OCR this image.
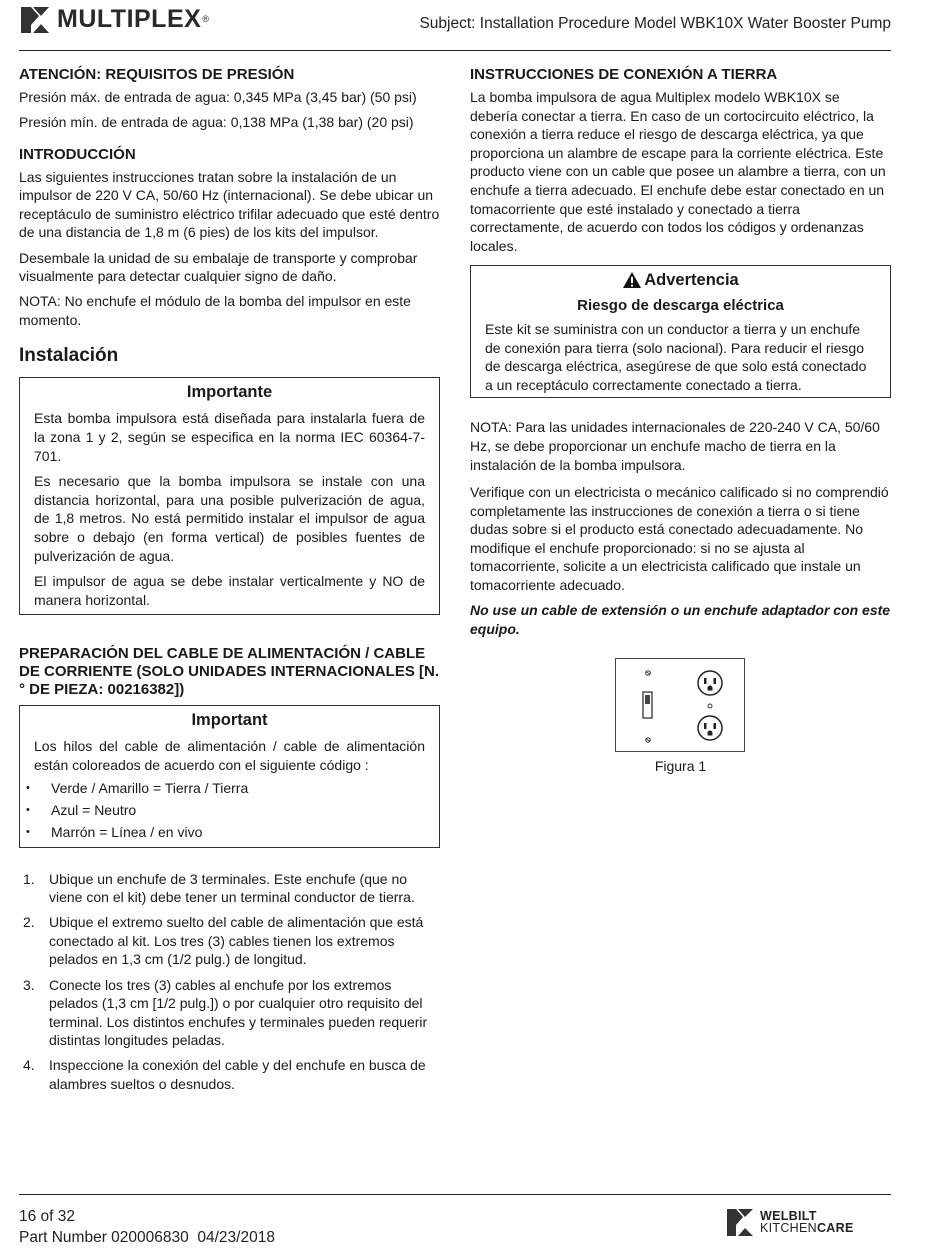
MULTIPLEX ®	Subject: Installation Procedure Model WBK10X Water Booster Pump
ATENCIÓN: REQUISITOS DE PRESIÓN

Presión máx. de entrada de agua: 0,345 MPa (3,45 bar) (50 psi)

Presión mín. de entrada de agua: 0,138 MPa (1,38 bar) (20 psi)

INTRODUCCIÓN

Las siguientes instrucciones tratan sobre la instalación de un impulsor de 220 V CA, 50/60 Hz (internacional). Se debe ubicar un receptáculo de suministro eléctrico trifilar adecuado que esté dentro de una distancia de 1,8 m (6 pies) de los kits del impulsor.

Desembale la unidad de su embalaje de transporte y comprobar visualmente para detectar cualquier signo de daño.

NOTA: No enchufe el módulo de la bomba del impulsor en este momento.

Instalación
Importante

Esta bomba impulsora está diseñada para instalarla fuera de la zona 1 y 2, según se especifica en la norma IEC 60364-7-701.

Es necesario que la bomba impulsora se instale con una distancia horizontal, para una posible pulverización de agua, de 1,8 metros. No está permitido instalar el impulsor de agua sobre o debajo (en forma vertical) de posibles fuentes de pulverización de agua.

El impulsor de agua se debe instalar verticalmente y NO de manera horizontal.

PREPARACIÓN DEL CABLE DE ALIMENTACIÓN / CABLE DE CORRIENTE (SOLO UNIDADES INTERNACIONALES [N.° DE PIEZA: 00216382])
Important

Los hilos del cable de alimentación / cable de alimentación están coloreados de acuerdo con el siguiente código :

• Verde / Amarillo = Tierra / Tierra
• Azul = Neutro
• Marrón = Línea / en vivo
1. Ubique un enchufe de 3 terminales. Este enchufe (que no viene con el kit) debe tener un terminal conductor de tierra.
2. Ubique el extremo suelto del cable de alimentación que está conectado al kit. Los tres (3) cables tienen los extremos pelados en 1,3 cm (1/2 pulg.) de longitud.
3. Conecte los tres (3) cables al enchufe por los extremos pelados (1,3 cm [1/2 pulg.]) o por cualquier otro requisito del terminal. Los distintos enchufes y terminales pueden requerir distintas longitudes peladas.
4. Inspeccione la conexión del cable y del enchufe en busca de alambres sueltos o desnudos.
INSTRUCCIONES DE CONEXIÓN A TIERRA

La bomba impulsora de agua Multiplex modelo WBK10X se debería conectar a tierra. En caso de un cortocircuito eléctrico, la conexión a tierra reduce el riesgo de descarga eléctrica, ya que proporciona un alambre de escape para la corriente eléctrica. Este producto viene con un cable que posee un alambre a tierra, con un enchufe a tierra adecuado. El enchufe debe estar conectado en un tomacorriente que esté instalado y conectado a tierra correctamente, de acuerdo con todos los códigos y ordenanzas locales.

Advertencia
Riesgo de descarga eléctrica

Este kit se suministra con un conductor a tierra y un enchufe de conexión para tierra (solo nacional). Para reducir el riesgo de descarga eléctrica, asegúrese de que solo está conectado a un receptáculo correctamente conectado a tierra.

NOTA: Para las unidades internacionales de 220-240 V CA, 50/60 Hz, se debe proporcionar un enchufe macho de tierra en la instalación de la bomba impulsora.

Verifique con un electricista o mecánico calificado si no comprendió completamente las instrucciones de conexión a tierra o si tiene dudas sobre si el producto está conectado adecuadamente. No modifique el enchufe proporcionado: si no se ajusta al tomacorriente, solicite a un electricista calificado que instale un tomacorriente adecuado.

No use un cable de extensión o un enchufe adaptador con este equipo.

Figura 1
16 of 32
Part Number 020006830  04/23/2018
WELBILT
KITCHENCARE
